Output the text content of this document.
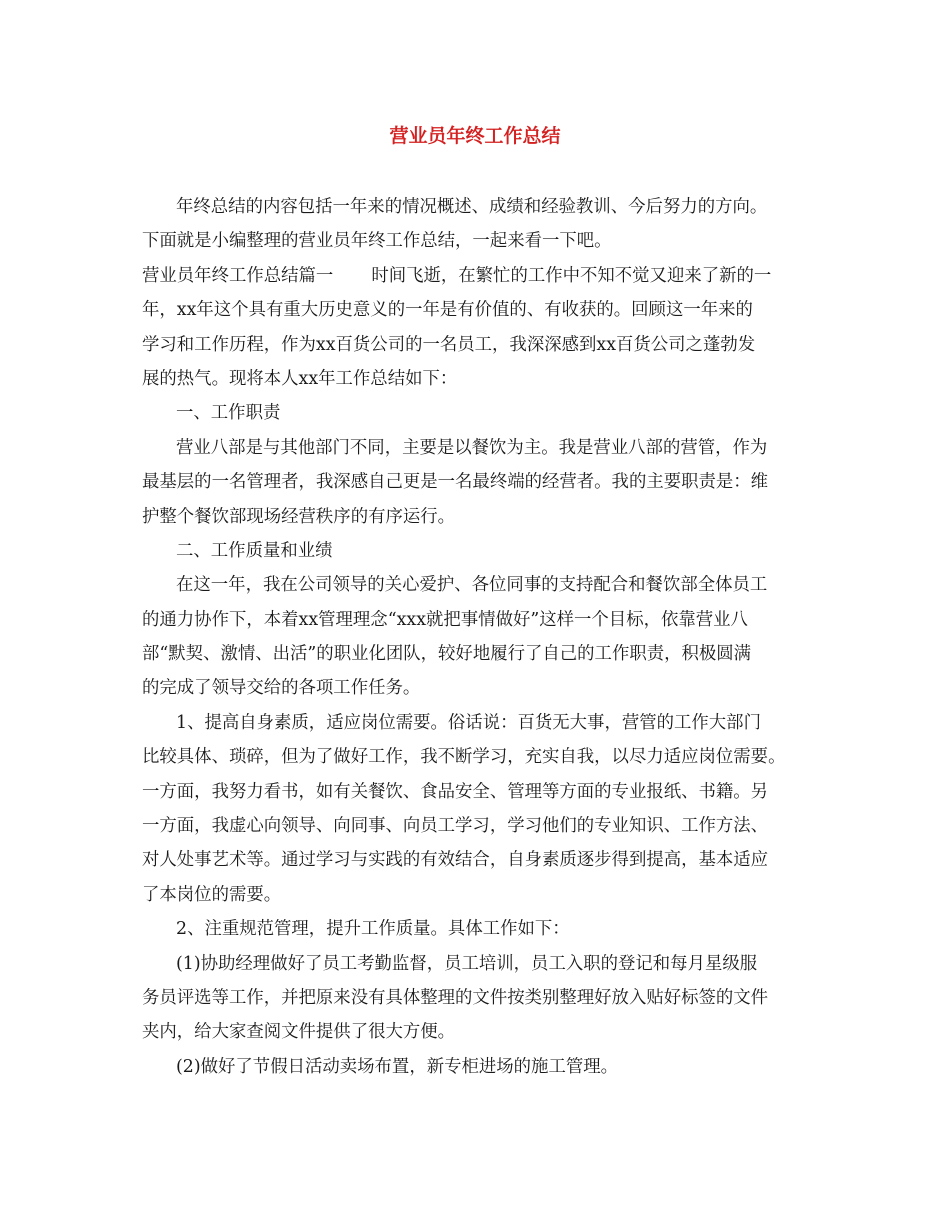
营业员年终工作总结
年终总结的内容包括一年来的情况概述、成绩和经验教训、今后努力的方向。
下面就是小编整理的营业员年终工作总结，一起来看一下吧。
营业员年终工作总结篇一 时间飞逝，在繁忙的工作中不知不觉又迎来了新的一
年，xx年这个具有重大历史意义的一年是有价值的、有收获的。回顾这一年来的
学习和工作历程，作为xx百货公司的一名员工，我深深感到xx百货公司之蓬勃发
展的热气。现将本人xx年工作总结如下：
一、工作职责
营业八部是与其他部门不同，主要是以餐饮为主。我是营业八部的营管，作为
最基层的一名管理者，我深感自己更是一名最终端的经营者。我的主要职责是：维
护整个餐饮部现场经营秩序的有序运行。
二、工作质量和业绩
在这一年，我在公司领导的关心爱护、各位同事的支持配合和餐饮部全体员工
的通力协作下，本着xx管理理念“xxx就把事情做好”这样一个目标，依靠营业八
部“默契、激情、出活”的职业化团队，较好地履行了自己的工作职责，积极圆满
的完成了领导交给的各项工作任务。
1、提高自身素质，适应岗位需要。俗话说：百货无大事，营管的工作大部门
比较具体、琐碎，但为了做好工作，我不断学习，充实自我，以尽力适应岗位需要。
一方面，我努力看书，如有关餐饮、食品安全、管理等方面的专业报纸、书籍。另
一方面，我虚心向领导、向同事、向员工学习，学习他们的专业知识、工作方法、
对人处事艺术等。通过学习与实践的有效结合，自身素质逐步得到提高，基本适应
了本岗位的需要。
2、注重规范管理，提升工作质量。具体工作如下：
(1)协助经理做好了员工考勤监督，员工培训，员工入职的登记和每月星级服
务员评选等工作，并把原来没有具体整理的文件按类别整理好放入贴好标签的文件
夹内，给大家查阅文件提供了很大方便。
(2)做好了节假日活动卖场布置，新专柜进场的施工管理。
